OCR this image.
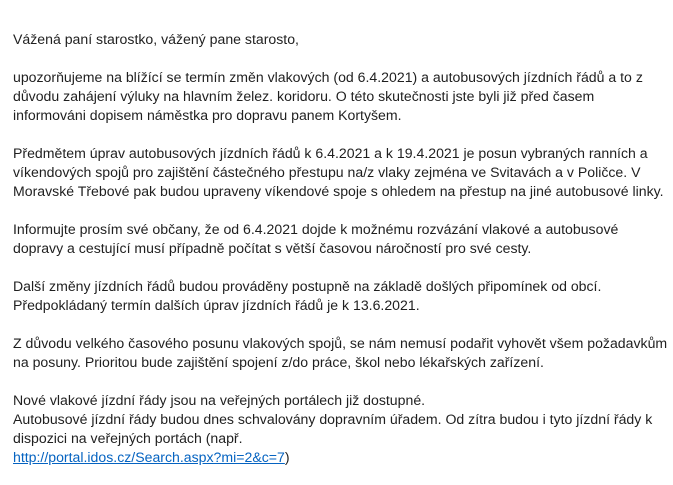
Vážená paní starostko, vážený pane starosto,

upozorňujeme na blížící se termín změn vlakových (od 6.4.2021) a autobusových jízdních řádů a to z důvodu zahájení výluky na hlavním želez. koridoru. O této skutečnosti jste byli již před časem informováni dopisem náměstka pro dopravu panem Kortyšem.

Předmětem úprav autobusových jízdních řádů k 6.4.2021 a k 19.4.2021 je posun vybraných ranních a víkendových spojů pro zajištění částečného přestupu na/z vlaky zejména ve Svitavách a v Poličce. V Moravské Třebové pak budou upraveny víkendové spoje s ohledem na přestup na jiné autobusové linky.

Informujte prosím své občany, že od 6.4.2021 dojde k možnému rozvázání vlakové a autobusové dopravy a cestující musí případně počítat s větší časovou náročností pro své cesty.

Další změny jízdních řádů budou prováděny postupně na základě došlých připomínek od obcí. Předpokládaný termín dalších úprav jízdních řádů je k 13.6.2021.

Z důvodu velkého časového posunu vlakových spojů, se nám nemusí podařit vyhovět všem požadavkům na posuny. Prioritou bude zajištění spojení z/do práce, škol nebo lékařských zařízení.

Nové vlakové jízdní řády jsou na veřejných portálech již dostupné.
Autobusové jízdní řády budou dnes schvalovány dopravním úřadem. Od zítra budou i tyto jízdní řády k dispozici na veřejných portách (např.
http://portal.idos.cz/Search.aspx?mi=2&c=7)
